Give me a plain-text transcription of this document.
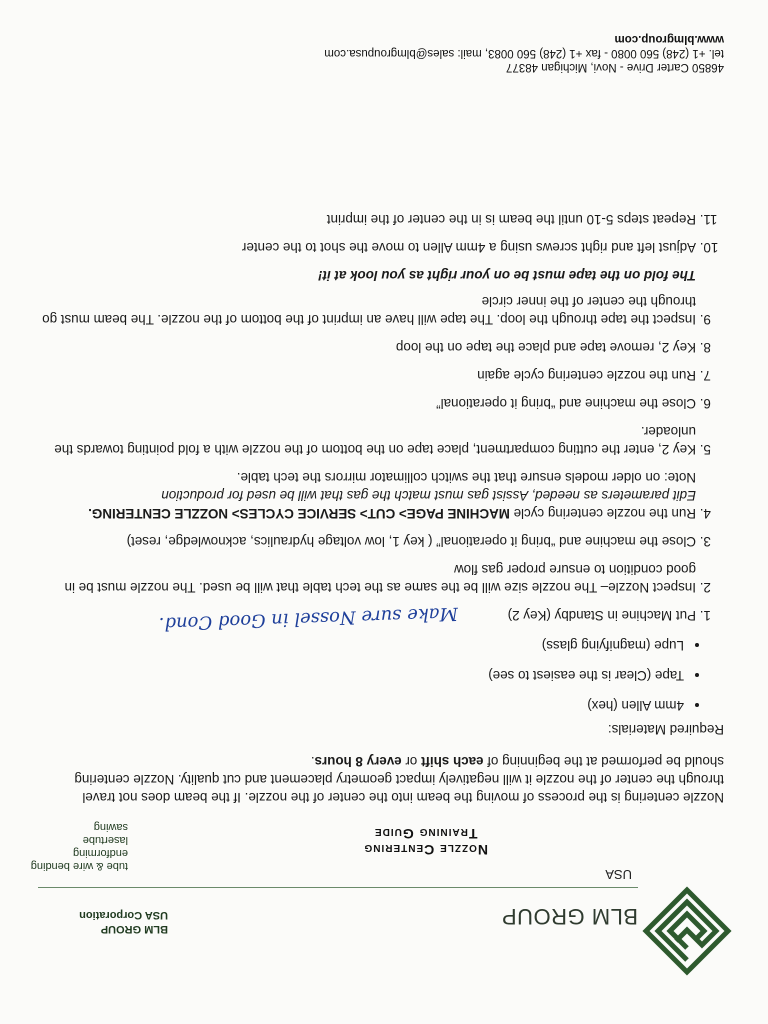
BLM GROUP
USA
BLM GROUP
USA Corporation
tube & wire bending
endforming
lasertube
sawing
Nozzle Centering
Training Guide

Nozzle centering is the process of moving the beam into the center of the nozzle. If the beam does not travel through the center of the nozzle it will negatively impact geometry placement and cut quality. Nozzle centering should be performed at the beginning of each shift or every 8 hours.

Required Materials:
• 4mm Allen (hex)
• Tape (Clear is the easiest to see)
• Lupe (magnifying glass)
1. Put Machine in Standby (Key 2)
2. Inspect Nozzle– The nozzle size will be the same as the tech table that will be used. The nozzle must be in good condition to ensure proper gas flow
3. Close the machine and “bring it operational” ( key 1, low voltage hydraulics, acknowledge, reset)
4. Run the nozzle centering cycle MACHINE PAGE> CUT> SERVICE CYCLES> NOZZLE CENTERING.
Edit parameters as needed, Assist gas must match the gas that will be used for production
Note: on older models ensure that the switch collimator mirrors the tech table.
5. Key 2, enter the cutting compartment, place tape on the bottom of the nozzle with a fold pointing towards the unloader.
6. Close the machine and “bring it operational”
7. Run the nozzle centering cycle again
8. Key 2, remove tape and place the tape on the loop
9. Inspect the tape through the loop. The tape will have an imprint of the bottom of the nozzle. The beam must go through the center of the inner circle
The fold on the tape must be on your right as you look at it!
10. Adjust left and right screws using a 4mm Allen to move the shot to the center
11. Repeat steps 5-10 until the beam is in the center of the imprint
Make sure Nossel in Good Cond.
46850 Carter Drive - Novi, Michigan 48377
tel. +1 (248) 560 0080 - fax +1 (248) 560 0083, mail: sales@blmgroupusa.com
www.blmgroup.com
